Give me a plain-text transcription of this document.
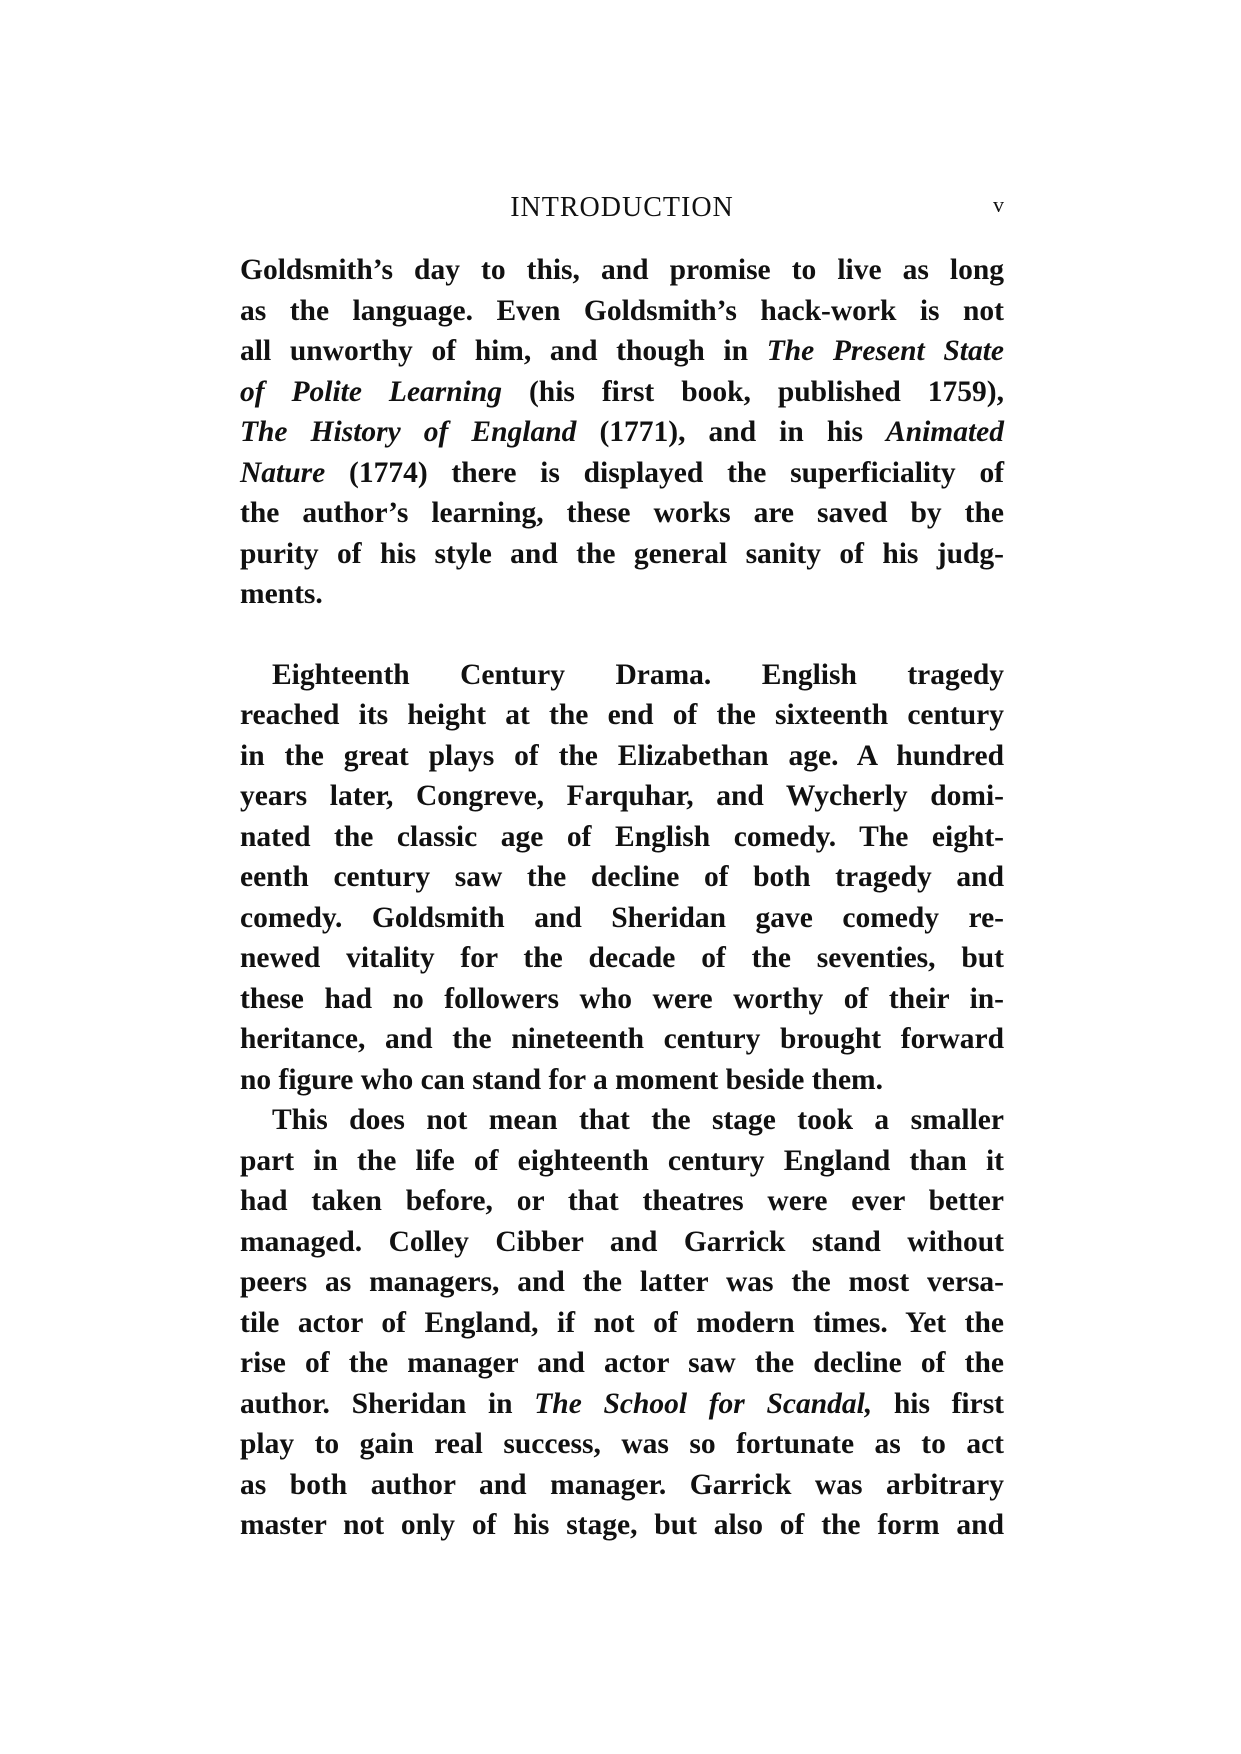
INTRODUCTION	v

Goldsmith’s day to this, and promise to live as long
as the language. Even Goldsmith’s hack-work is not
all unworthy of him, and though in The Present State
of Polite Learning (his first book, published 1759),
The History of England (1771), and in his Animated
Nature (1774) there is displayed the superficiality of
the author’s learning, these works are saved by the
purity of his style and the general sanity of his judg-
ments.

Eighteenth Century Drama. English tragedy

reached its height at the end of the sixteenth century
in the great plays of the Elizabethan age. A hundred
years later, Congreve, Farquhar, and Wycherly domi-
nated the classic age of English comedy. The eight-
eenth century saw the decline of both tragedy and
comedy. Goldsmith and Sheridan gave comedy re-
newed vitality for the decade of the seventies, but
these had no followers who were worthy of their in-
heritance, and the nineteenth century brought forward
no figure who can stand for a moment beside them.

This does not mean that the stage took a smaller
part in the life of eighteenth century England than it
had taken before, or that theatres were ever better
managed. Colley Cibber and Garrick stand without
peers as managers, and the latter was the most versa-
tile actor of England, if not of modern times. Yet the
rise of the manager and actor saw the decline of the
author. Sheridan in The School for Scandal, his first
play to gain real success, was so fortunate as to act
as both author and manager. Garrick was arbitrary
master not only of his stage, but also of the form and
